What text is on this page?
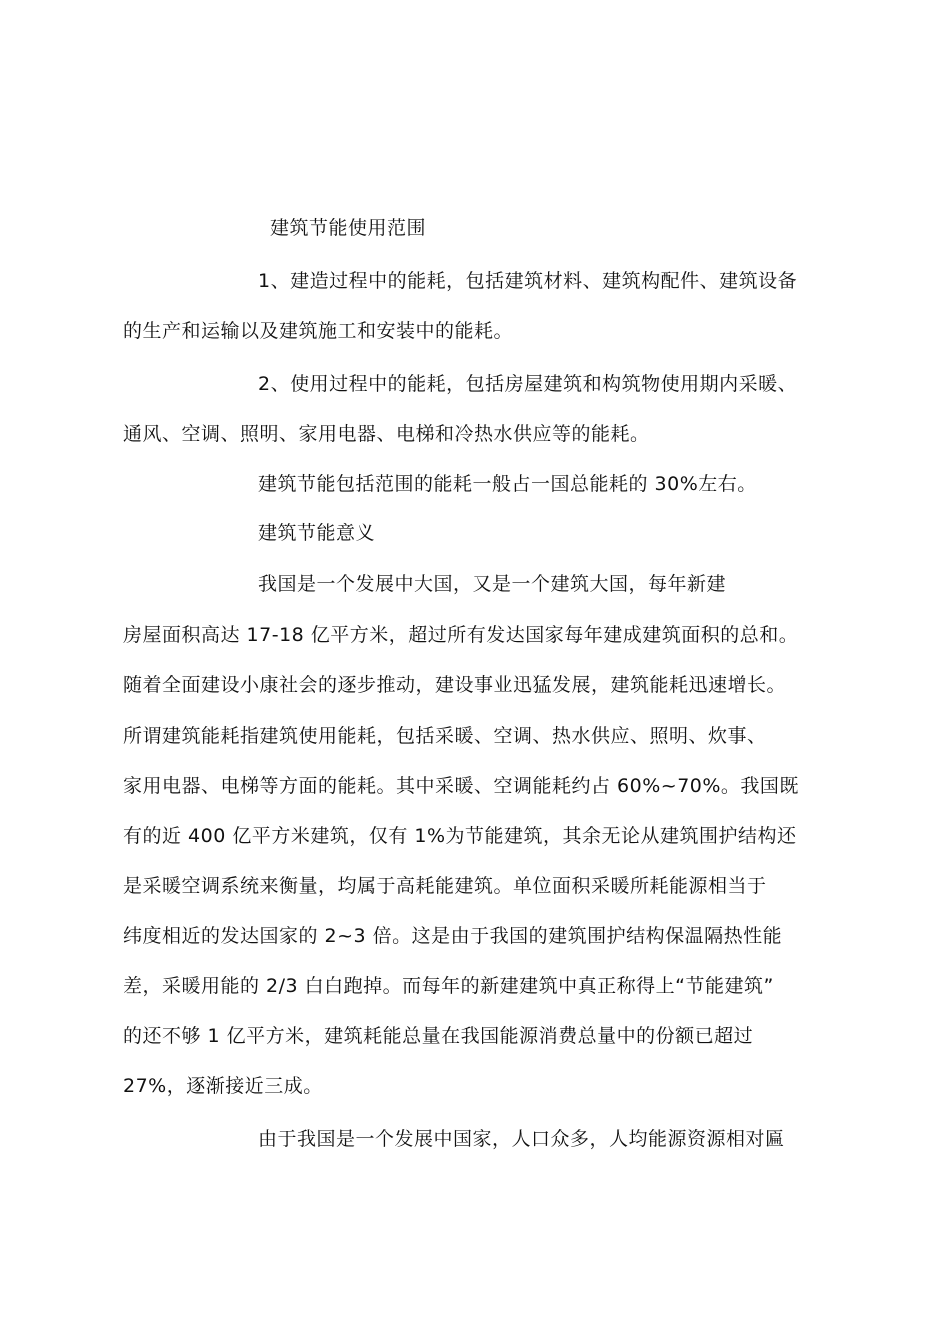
建筑节能使用范围
1、建造过程中的能耗，包括建筑材料、建筑构配件、建筑设备
的生产和运输以及建筑施工和安装中的能耗。
2、使用过程中的能耗，包括房屋建筑和构筑物使用期内采暖、
通风、空调、照明、家用电器、电梯和冷热水供应等的能耗。
建筑节能包括范围的能耗一般占一国总能耗的 30%左右。
建筑节能意义
我国是一个发展中大国，又是一个建筑大国，每年新建
房屋面积高达 17-18 亿平方米，超过所有发达国家每年建成建筑面积的总和。
随着全面建设小康社会的逐步推动，建设事业迅猛发展，建筑能耗迅速增长。
所谓建筑能耗指建筑使用能耗，包括采暖、空调、热水供应、照明、炊事、
家用电器、电梯等方面的能耗。其中采暖、空调能耗约占 60%~70%。我国既
有的近 400 亿平方米建筑，仅有 1%为节能建筑，其余无论从建筑围护结构还
是采暖空调系统来衡量，均属于高耗能建筑。单位面积采暖所耗能源相当于
纬度相近的发达国家的 2~3 倍。这是由于我国的建筑围护结构保温隔热性能
差，采暖用能的 2/3 白白跑掉。而每年的新建建筑中真正称得上“节能建筑”
的还不够 1 亿平方米，建筑耗能总量在我国能源消费总量中的份额已超过
27%，逐渐接近三成。
由于我国是一个发展中国家，人口众多，人均能源资源相对匾
